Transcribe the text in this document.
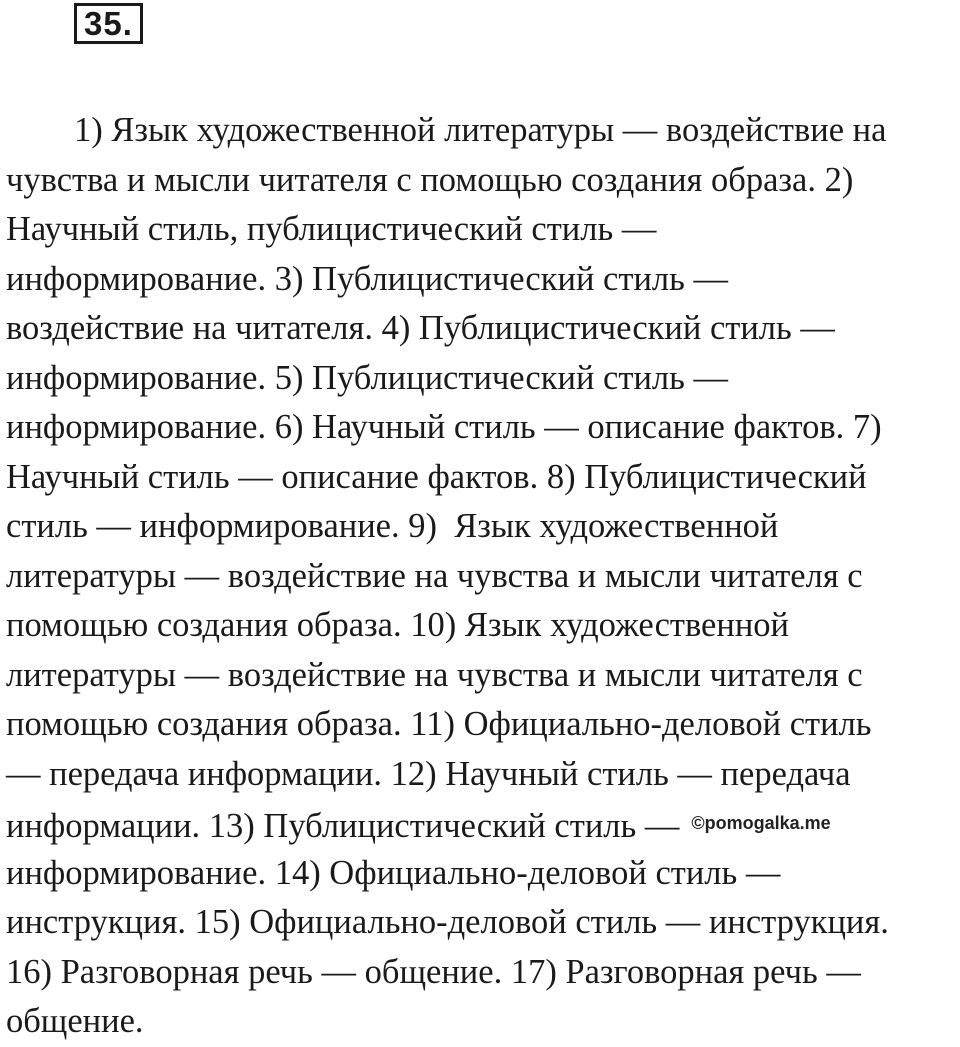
35.
1) Язык художественной литературы — воздействие на
чувства и мысли читателя с помощью создания образа. 2)
Научный стиль, публицистический стиль —
информирование. 3) Публицистический стиль —
воздействие на читателя. 4) Публицистический стиль —
информирование. 5) Публицистический стиль —
информирование. 6) Научный стиль — описание фактов. 7)
Научный стиль — описание фактов. 8) Публицистический
стиль — информирование. 9)  Язык художественной
литературы — воздействие на чувства и мысли читателя с
помощью создания образа. 10) Язык художественной
литературы — воздействие на чувства и мысли читателя с
помощью создания образа. 11) Официально-деловой стиль
— передача информации. 12) Научный стиль — передача
информации. 13) Публицистический стиль — $^{©pomogalka.me}$
информирование. 14) Официально-деловой стиль —
инструкция. 15) Официально-деловой стиль — инструкция.
16) Разговорная речь — общение. 17) Разговорная речь —
общение.
